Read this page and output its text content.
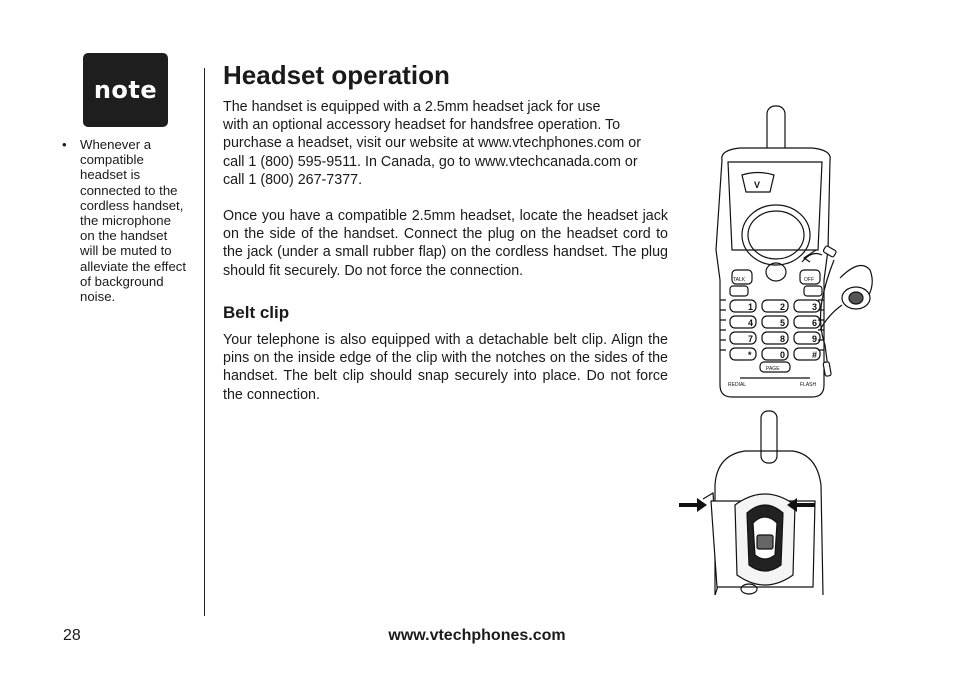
note
• Whenever a
compatible
headset is
connected to the
cordless handset,
the microphone
on the handset
will be muted to
alleviate the effect
of background
noise.
Headset operation

The handset is equipped with a 2.5mm headset jack for use
with an optional accessory headset for handsfree operation. To
purchase a headset, visit our website at www.vtechphones.com or
call 1 (800) 595-9511. In Canada, go to www.vtechcanada.com or
call 1 (800) 267-7377.

Once you have a compatible 2.5mm headset, locate the headset jack on the side of the handset. Connect the plug on the headset cord to the jack (under a small rubber flap) on the cordless handset. The plug should fit securely. Do not force the connection.

Belt clip

Your telephone is also equipped with a detachable belt clip. Align the pins on the inside edge of the clip with the notches on the sides of the handset. The belt clip should snap securely into place. Do not force the connection.

V
1	2	3
4	5	6
7	8	9
*	0	#
TALK	OFF
PAGE
REDIAL	FLASH
28	www.vtechphones.com
